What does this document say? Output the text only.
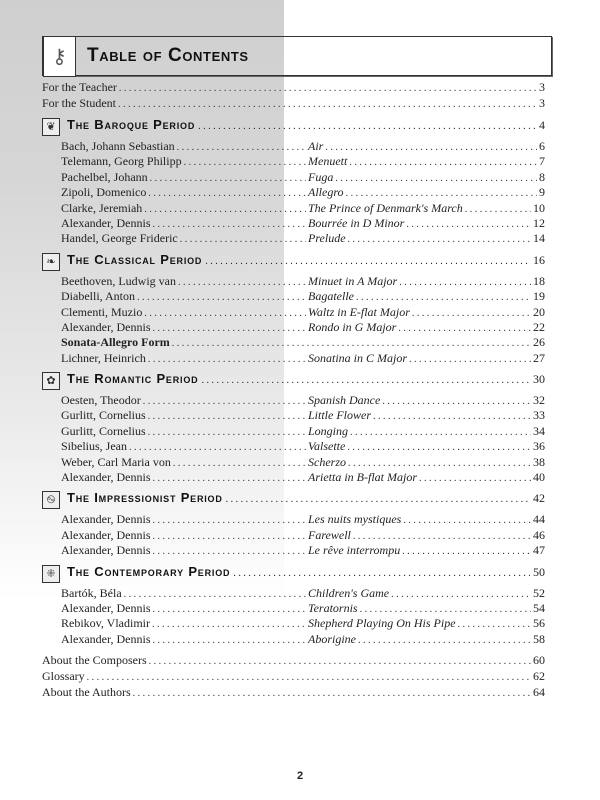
⚷	Table of Contents
For the Teacher . . .	3
For the Student . . .	3
❦ The Baroque Period . . .	4
Bach, Johann Sebastian . . .	Air . . .	6
Telemann, Georg Philipp . . .	Menuett . . .	7
Pachelbel, Johann . . .	Fuga . . .	8
Zipoli, Domenico . . .	Allegro . . .	9
Clarke, Jeremiah . . .	The Prince of Denmark's March . . .	10
Alexander, Dennis . . .	Bourrée in D Minor . . .	12
Handel, George Frideric . . .	Prelude . . .	14
❧ The Classical Period . . .	16
Beethoven, Ludwig van . . .	Minuet in A Major . . .	18
Diabelli, Anton . . .	Bagatelle . . .	19
Clementi, Muzio . . .	Waltz in E-flat Major . . .	20
Alexander, Dennis . . .	Rondo in G Major . . .	22
Sonata-Allegro Form . . .	26
Lichner, Heinrich . . .	Sonatina in C Major . . .	27
✿ The Romantic Period . . .	30
Oesten, Theodor . . .	Spanish Dance . . .	32
Gurlitt, Cornelius . . .	Little Flower . . .	33
Gurlitt, Cornelius . . .	Longing . . .	34
Sibelius, Jean . . .	Valsette . . .	36
Weber, Carl Maria von . . .	Scherzo . . .	38
Alexander, Dennis . . .	Arietta in B-flat Major . . .	40
࿊ The Impressionist Period . . .	42
Alexander, Dennis . . .	Les nuits mystiques . . .	44
Alexander, Dennis . . .	Farewell . . .	46
Alexander, Dennis . . .	Le rêve interrompu . . .	47
⁜ The Contemporary Period . . .	50
Bartók, Béla . . .	Children's Game . . .	52
Alexander, Dennis . . .	Teratornis . . .	54
Rebikov, Vladimir . . .	Shepherd Playing On His Pipe . . .	56
Alexander, Dennis . . .	Aborigine . . .	58
About the Composers . . .	60
Glossary . . .	62
About the Authors . . .	64
2
